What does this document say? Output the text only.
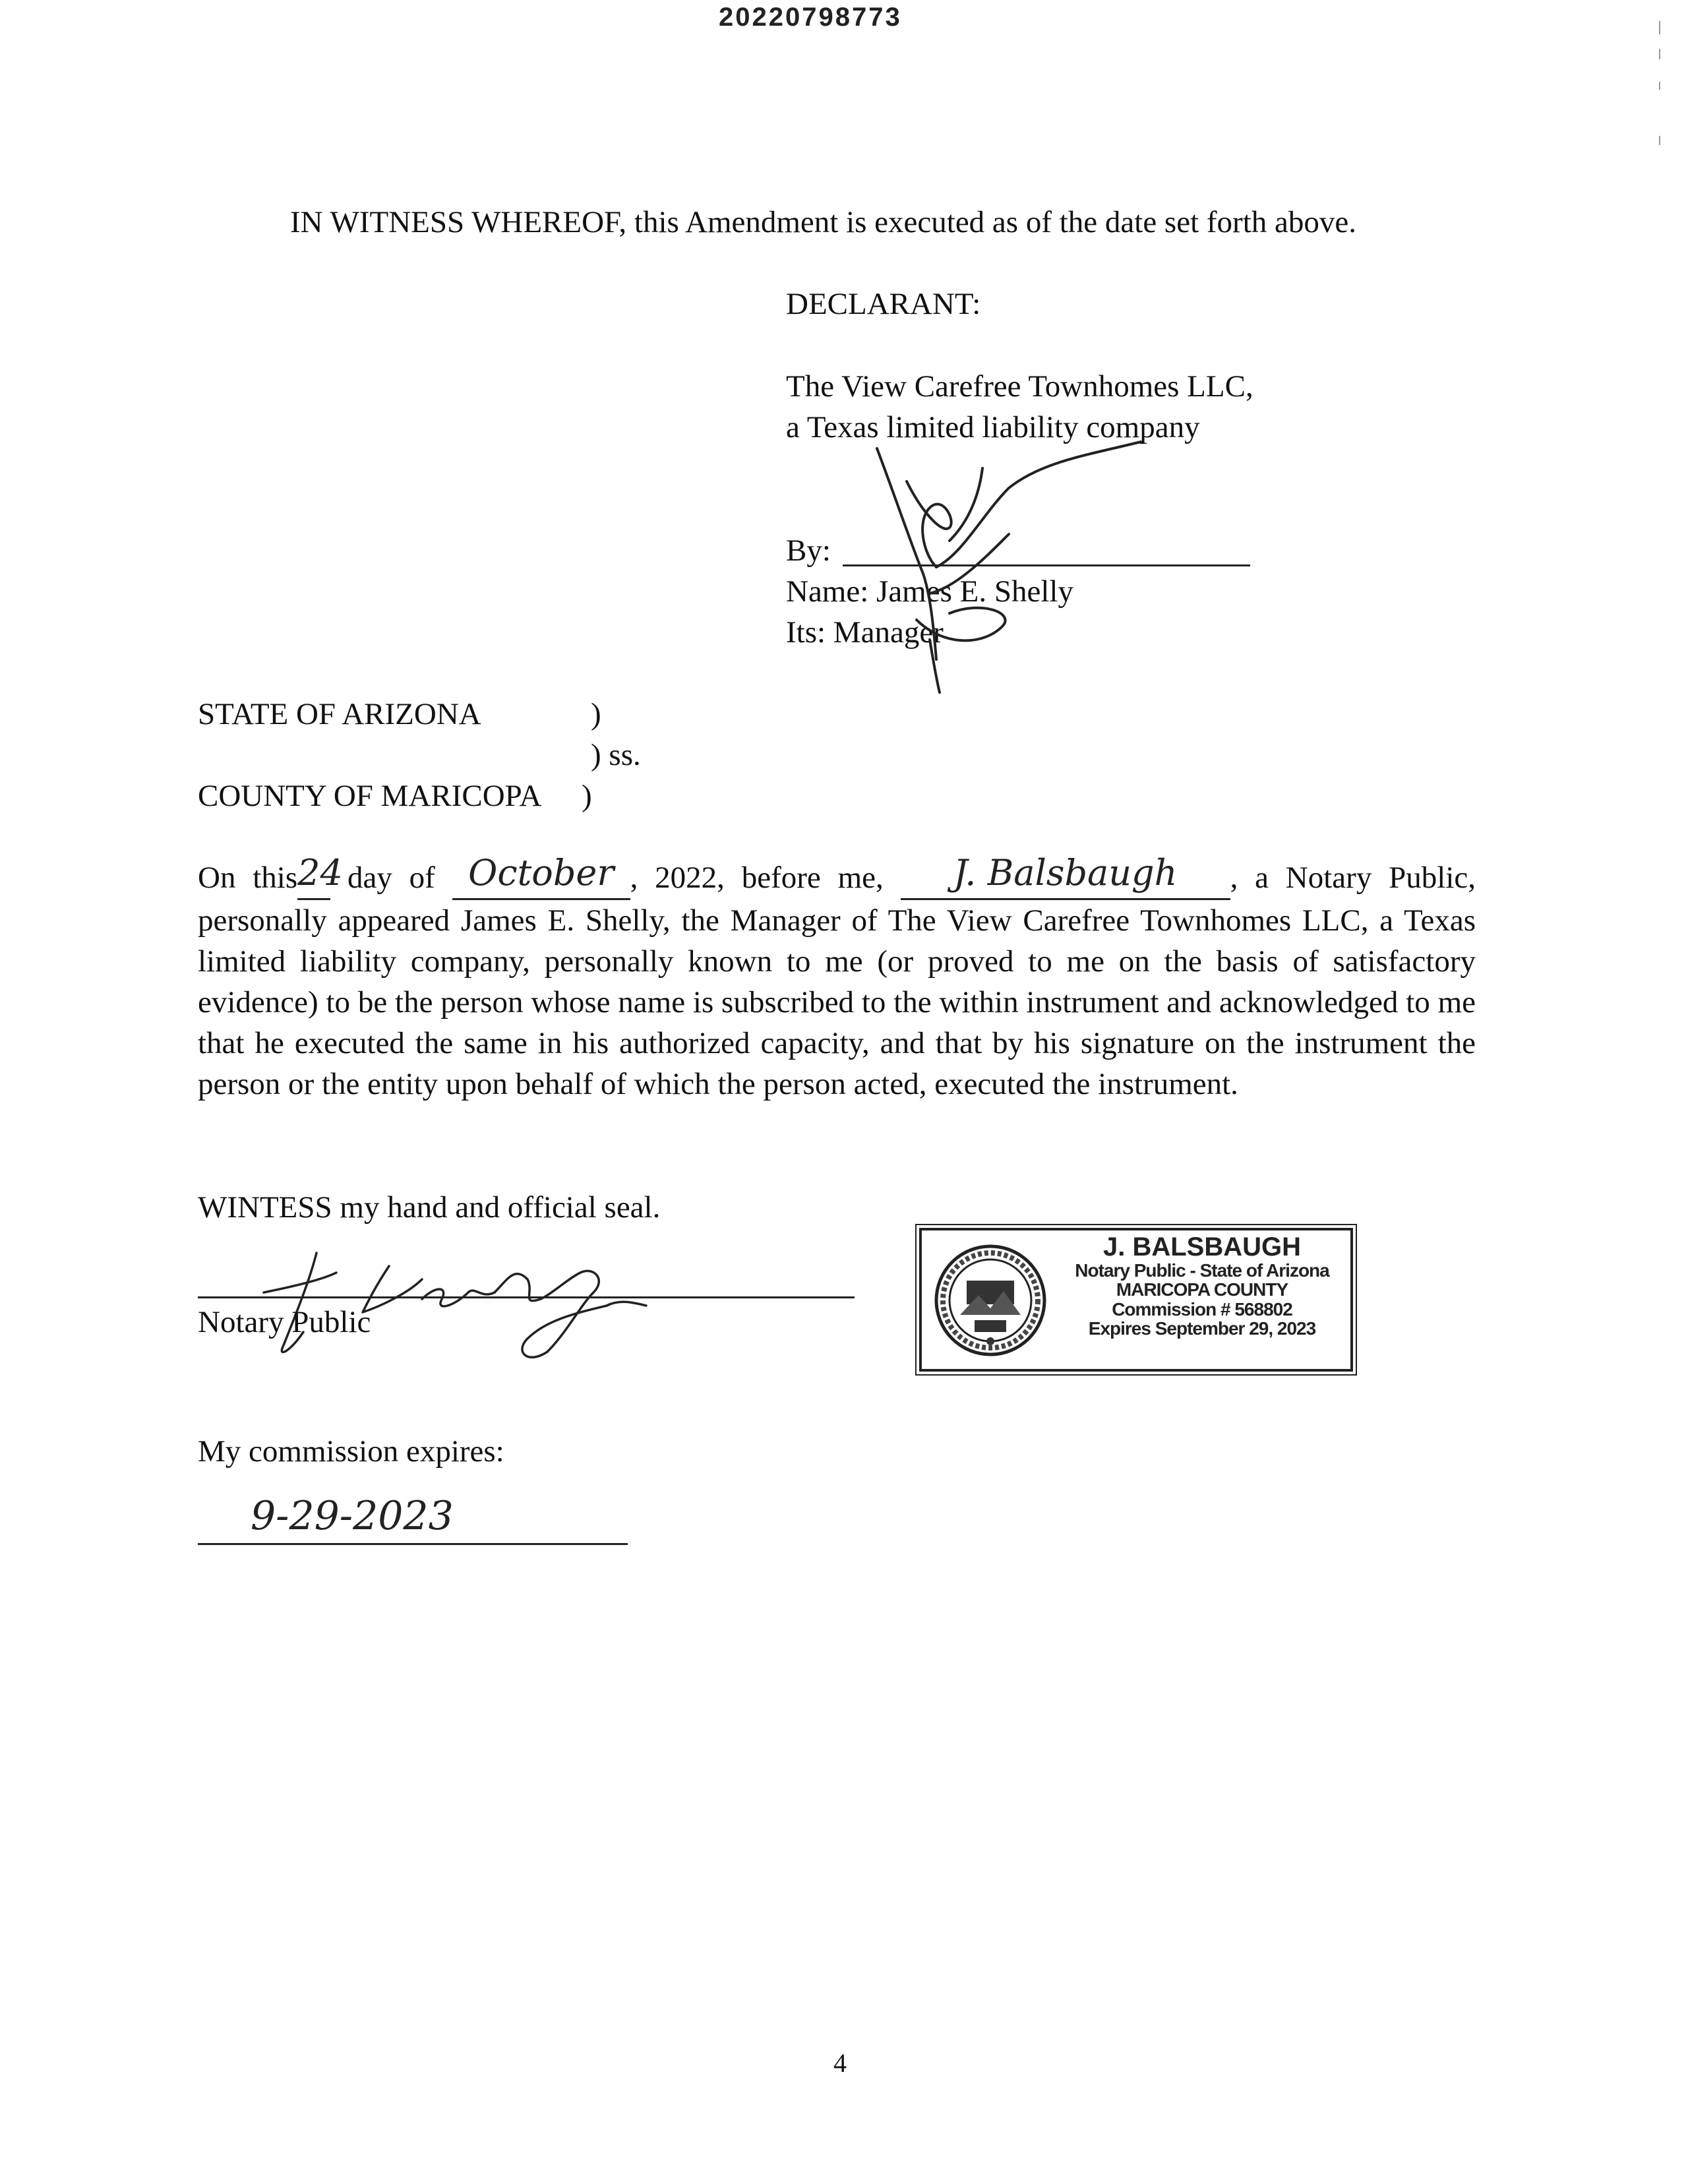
20220798773
IN WITNESS WHEREOF, this Amendment is executed as of the date set forth above.
DECLARANT:
The View Carefree Townhomes LLC,
a Texas limited liability company
By:
Name: James E. Shelly
Its: Manager
STATE OF ARIZONA	)
) ss.
COUNTY OF MARICOPA )

On this24 day of October , 2022, before me, J. Balsbaugh , a Notary Public, personally appeared James E. Shelly, the Manager of The View Carefree Townhomes LLC, a Texas limited liability company, personally known to me (or proved to me on the basis of satisfactory evidence) to be the person whose name is subscribed to the within instrument and acknowledged to me that he executed the same in his authorized capacity, and that by his signature on the instrument the person or the entity upon behalf of which the person acted, executed the instrument.

WINTESS my hand and official seal.
Notary Public
J. BALSBAUGH
Notary Public - State of Arizona
MARICOPA COUNTY
Commission # 568802
Expires September 29, 2023
My commission expires:
9-29-2023
4
